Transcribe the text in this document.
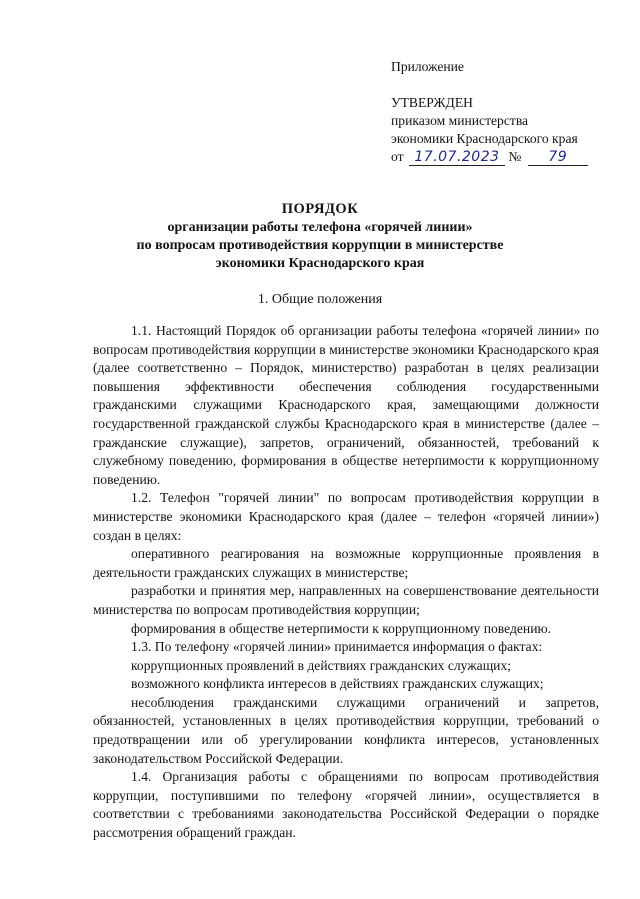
Приложение
УТВЕРЖДЕН
приказом министерства
экономики Краснодарского края
от 17.07.2023 № 79
ПОРЯДОК
организации работы телефона «горячей линии»
по вопросам противодействия коррупции в министерстве
экономики Краснодарского края
1. Общие положения

1.1. Настоящий Порядок об организации работы телефона «горячей линии» по вопросам противодействия коррупции в министерстве экономики Краснодарского края (далее соответственно – Порядок, министерство) разработан в целях реализации повышения эффективности обеспечения соблюдения государственными гражданскими служащими Краснодарского края, замещающими должности государственной гражданской службы Краснодарского края в министерстве (далее – гражданские служащие), запретов, ограничений, обязанностей, требований к служебному поведению, формирования в обществе нетерпимости к коррупционному поведению.

1.2. Телефон "горячей линии" по вопросам противодействия коррупции в министерстве экономики Краснодарского края (далее – телефон «горячей линии») создан в целях:

оперативного реагирования на возможные коррупционные проявления в деятельности гражданских служащих в министерстве;

разработки и принятия мер, направленных на совершенствование деятельности министерства по вопросам противодействия коррупции;

формирования в обществе нетерпимости к коррупционному поведению.

1.3. По телефону «горячей линии» принимается информация о фактах:

коррупционных проявлений в действиях гражданских служащих;

возможного конфликта интересов в действиях гражданских служащих;

несоблюдения гражданскими служащими ограничений и запретов, обязанностей, установленных в целях противодействия коррупции, требований о предотвращении или об урегулировании конфликта интересов, установленных законодательством Российской Федерации.

1.4. Организация работы с обращениями по вопросам противодействия коррупции, поступившими по телефону «горячей линии», осуществляется в соответствии с требованиями законодательства Российской Федерации о порядке рассмотрения обращений граждан.
